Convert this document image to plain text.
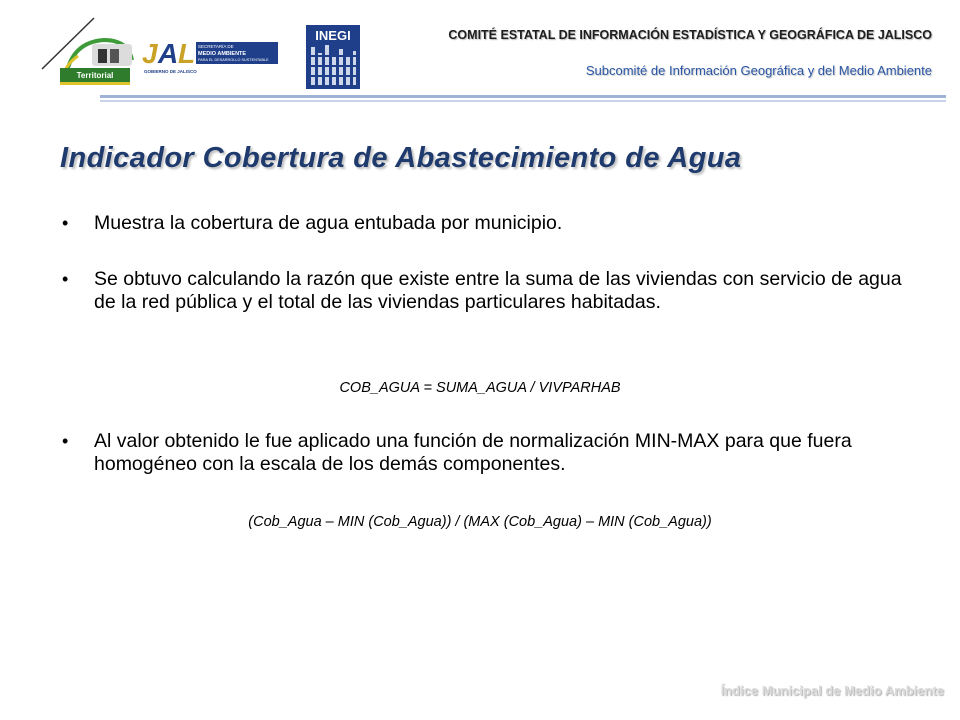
Territorial
J A L SECRETARÍA DE
MEDIO AMBIENTE
PARA EL DESARROLLO SUSTENTABLE
GOBIERNO DE JALISCO
INEGI	COMITÉ ESTATAL DE INFORMACIÓN ESTADÍSTICA Y GEOGRÁFICA DE JALISCO
Subcomité de Información Geográfica y del Medio Ambiente
Indicador Cobertura de Abastecimiento de Agua
•	Muestra la cobertura de agua entubada por municipio.
•	Se obtuvo calculando la razón que existe entre la suma de las viviendas con servicio de agua de la red pública y el total de las viviendas particulares habitadas.
COB_AGUA = SUMA_AGUA / VIVPARHAB
•	Al valor obtenido le fue aplicado una función de normalización MIN-MAX para que fuera homogéneo con la escala de los demás componentes.
(Cob_Agua – MIN (Cob_Agua)) / (MAX (Cob_Agua) – MIN (Cob_Agua))
Índice Municipal de Medio Ambiente
